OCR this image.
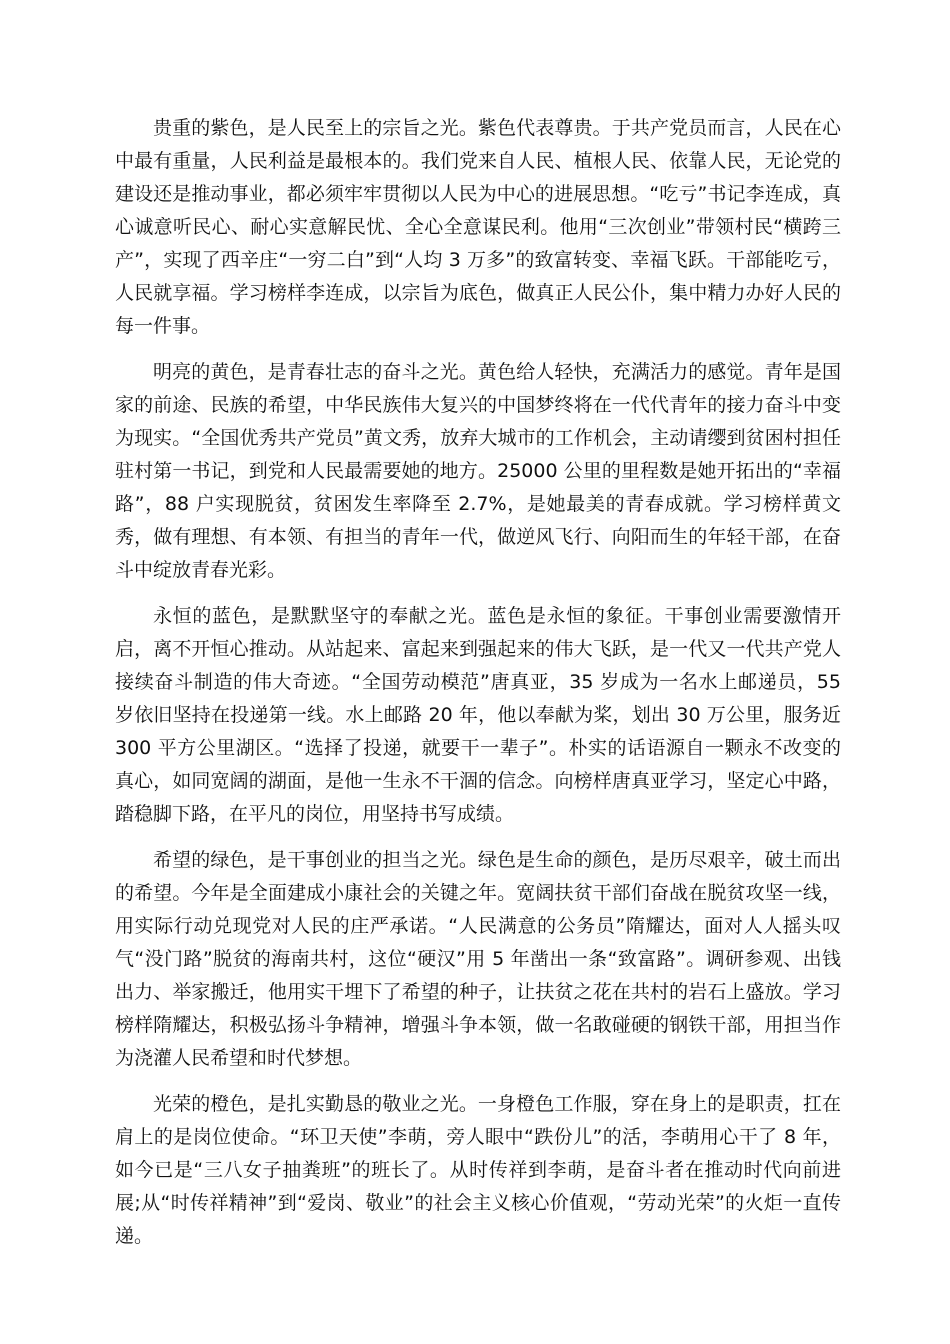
贵重的紫色，是人民至上的宗旨之光。紫色代表尊贵。于共产党员而言，人民在心中最有重量，人民利益是最根本的。我们党来自人民、植根人民、依靠人民，无论党的建设还是推动事业，都必须牢牢贯彻以人民为中心的进展思想。“吃亏”书记李连成，真心诚意听民心、耐心实意解民忧、全心全意谋民利。他用“三次创业”带领村民“横跨三产”，实现了西辛庄“一穷二白”到“人均 3 万多”的致富转变、幸福飞跃。干部能吃亏，人民就享福。学习榜样李连成，以宗旨为底色，做真正人民公仆，集中精力办好人民的每一件事。

明亮的黄色，是青春壮志的奋斗之光。黄色给人轻快，充满活力的感觉。青年是国家的前途、民族的希望，中华民族伟大复兴的中国梦终将在一代代青年的接力奋斗中变为现实。“全国优秀共产党员”黄文秀，放弃大城市的工作机会，主动请缨到贫困村担任驻村第一书记，到党和人民最需要她的地方。25000 公里的里程数是她开拓出的“幸福路”，88 户实现脱贫，贫困发生率降至 2.7%，是她最美的青春成就。学习榜样黄文秀，做有理想、有本领、有担当的青年一代，做逆风飞行、向阳而生的年轻干部，在奋斗中绽放青春光彩。

永恒的蓝色，是默默坚守的奉献之光。蓝色是永恒的象征。干事创业需要激情开启，离不开恒心推动。从站起来、富起来到强起来的伟大飞跃，是一代又一代共产党人接续奋斗制造的伟大奇迹。“全国劳动模范”唐真亚，35 岁成为一名水上邮递员，55 岁依旧坚持在投递第一线。水上邮路 20 年，他以奉献为桨，划出 30 万公里，服务近 300 平方公里湖区。“选择了投递，就要干一辈子”。朴实的话语源自一颗永不改变的真心，如同宽阔的湖面，是他一生永不干涸的信念。向榜样唐真亚学习，坚定心中路，踏稳脚下路，在平凡的岗位，用坚持书写成绩。

希望的绿色，是干事创业的担当之光。绿色是生命的颜色，是历尽艰辛，破土而出的希望。今年是全面建成小康社会的关键之年。宽阔扶贫干部们奋战在脱贫攻坚一线，用实际行动兑现党对人民的庄严承诺。“人民满意的公务员”隋耀达，面对人人摇头叹气“没门路”脱贫的海南共村，这位“硬汉”用 5 年凿出一条“致富路”。调研参观、出钱出力、举家搬迁，他用实干埋下了希望的种子，让扶贫之花在共村的岩石上盛放。学习榜样隋耀达，积极弘扬斗争精神，增强斗争本领，做一名敢碰硬的钢铁干部，用担当作为浇灌人民希望和时代梦想。

光荣的橙色，是扎实勤恳的敬业之光。一身橙色工作服，穿在身上的是职责，扛在肩上的是岗位使命。“环卫天使”李萌，旁人眼中“跌份儿”的活，李萌用心干了 8 年，如今已是“三八女子抽粪班”的班长了。从时传祥到李萌，是奋斗者在推动时代向前进展;从“时传祥精神”到“爱岗、敬业”的社会主义核心价值观，“劳动光荣”的火炬一直传递。
